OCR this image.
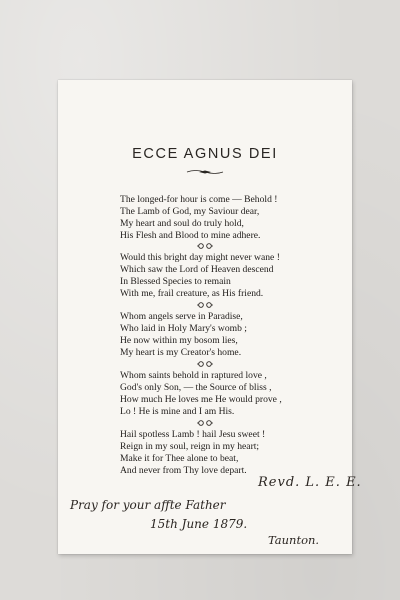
ECCE AGNUS DEI
The longed-for hour is come — Behold !
The Lamb of God, my Saviour dear,
My heart and soul do truly hold,
His Flesh and Blood to mine adhere.
Would this bright day might never wane !
Which saw the Lord of Heaven descend
In Blessed Species to remain
With me, frail creature, as His friend.
Whom angels serve in Paradise,
Who laid in Holy Mary's womb ;
He now within my bosom lies,
My heart is my Creator's home.
Whom saints behold in raptured love ,
God's only Son, — the Source of bliss ,
How much He loves me He would prove ,
Lo ! He is mine and I am His.
Hail spotless Lamb ! hail Jesu sweet !
Reign in my soul, reign in my heart;
Make it for Thee alone to beat,
And never from Thy love depart.
Revd. L. E. E.
Pray for your affte Father
15th June 1879.
Taunton.
